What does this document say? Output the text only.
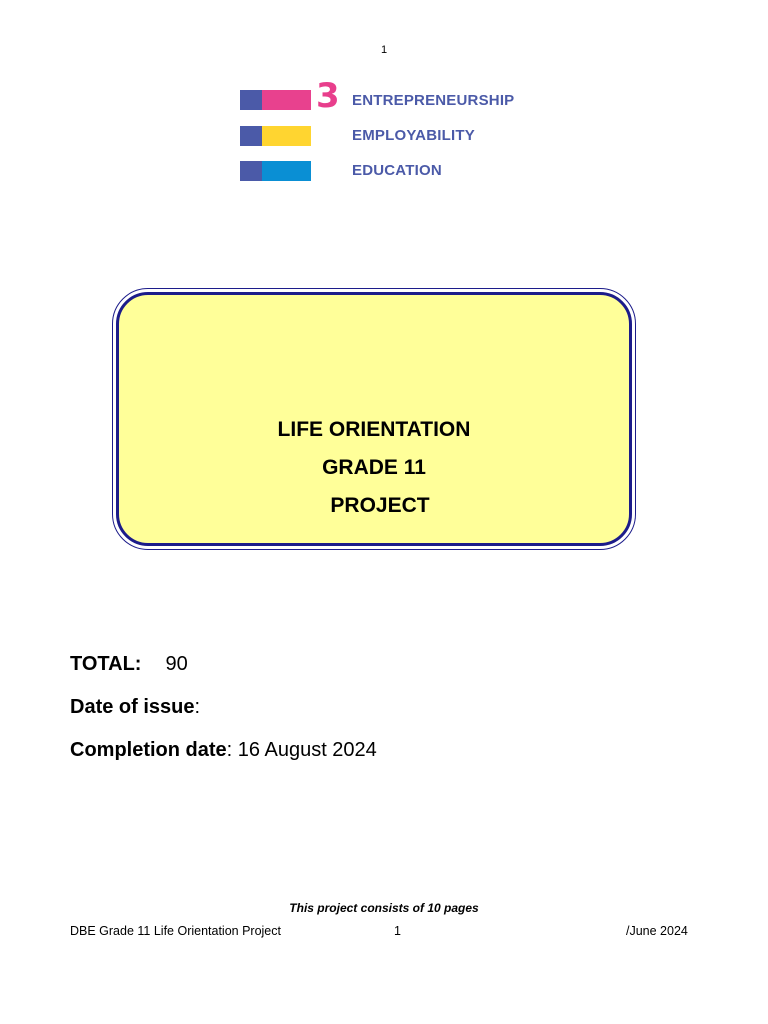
1
3 ENTREPRENEURSHIP
EMPLOYABILITY
EDUCATION
LIFE ORIENTATION
GRADE 11
PROJECT
TOTAL: 90
Date of issue:
Completion date: 16 August 2024
This project consists of 10 pages
DBE Grade 11 Life Orientation Project	1	/June 2024
